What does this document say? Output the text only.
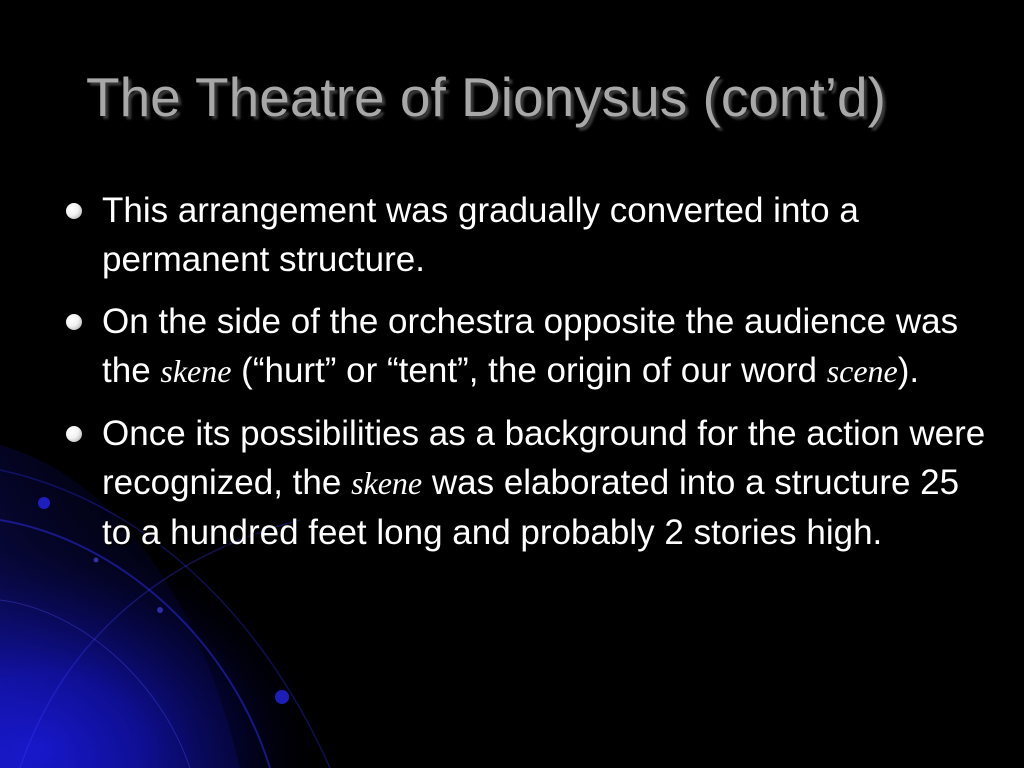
The Theatre of Dionysus (cont’d)
This arrangement was gradually converted into a permanent structure.
On the side of the orchestra opposite the audience was the skene (“hurt” or “tent”, the origin of our word scene).
Once its possibilities as a background for the action were recognized, the skene was elaborated into a structure 25 to a hundred feet long and probably 2 stories high.
